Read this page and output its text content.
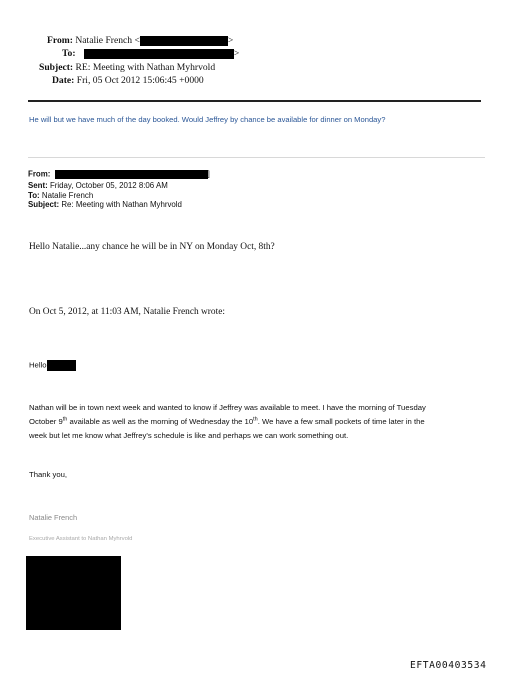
From: Natalie French <	>
To:	>
Subject: RE: Meeting with Nathan Myhrvold
Date: Fri, 05 Oct 2012 15:06:45 +0000
He will but we have much of the day booked. Would Jeffrey by chance be available for dinner on Monday?
From:	]
Sent: Friday, October 05, 2012 8:06 AM
To: Natalie French
Subject: Re: Meeting with Nathan Myhrvold
Hello Natalie...any chance he will be in NY on Monday Oct, 8th?
On Oct 5, 2012, at 11:03 AM, Natalie French wrote:
Hello
Nathan will be in town next week and wanted to know if Jeffrey was available to meet. I have the morning of Tuesday
October 9th available as well as the morning of Wednesday the 10th. We have a few small pockets of time later in the
week but let me know what Jeffrey's schedule is like and perhaps we can work something out.
Thank you,
Natalie French
Executive Assistant to Nathan Myhrvold
EFTA00403534
